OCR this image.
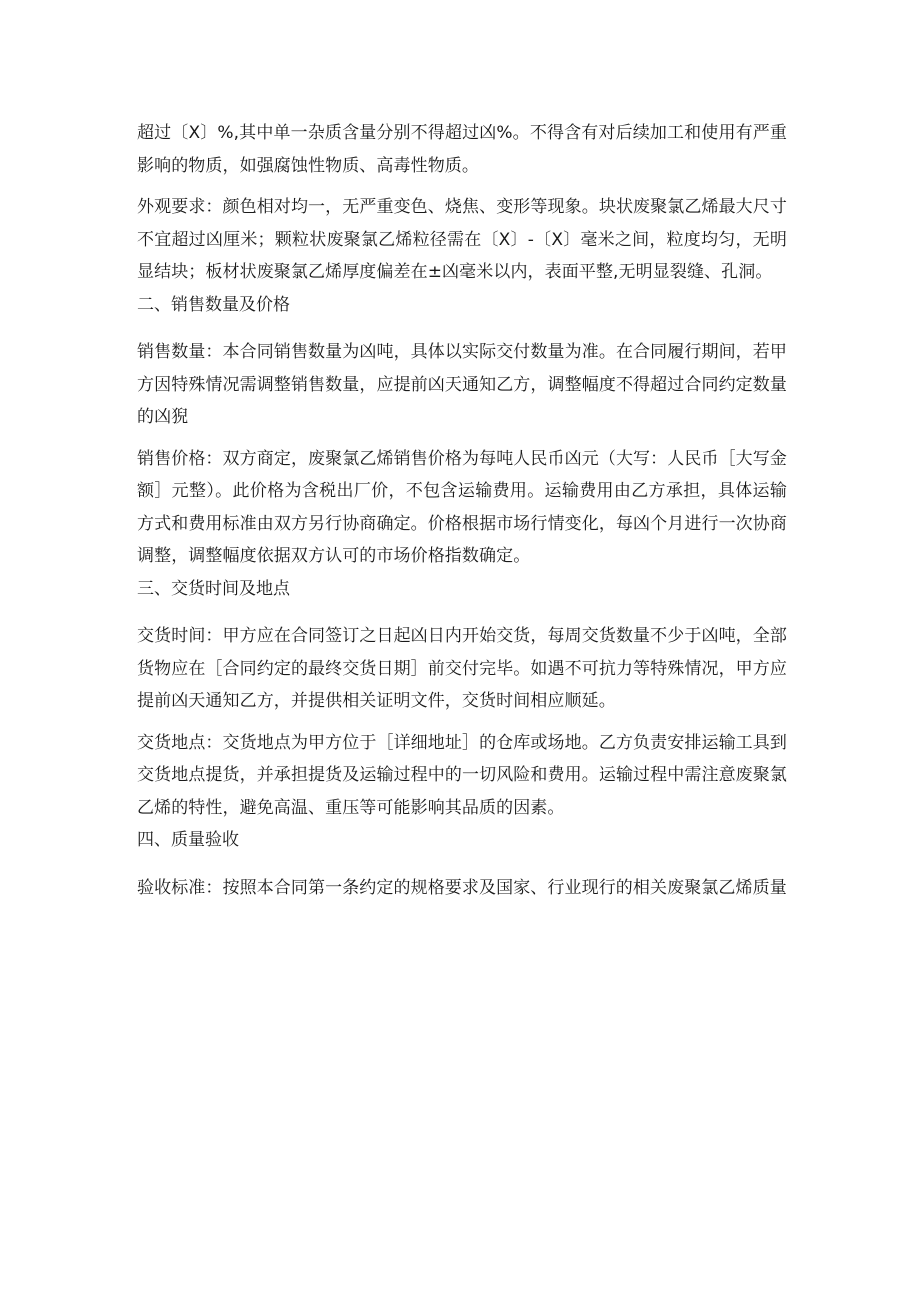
超过〔X〕%,其中单一杂质含量分别不得超过凶%。不得含有对后续加工和使用有严重影响的物质，如强腐蚀性物质、高毒性物质。

外观要求：颜色相对均一，无严重变色、烧焦、变形等现象。块状废聚氯乙烯最大尺寸不宜超过凶厘米；颗粒状废聚氯乙烯粒径需在〔X〕-〔X〕毫米之间，粒度均匀，无明显结块；板材状废聚氯乙烯厚度偏差在±凶毫米以内，表面平整,无明显裂缝、孔洞。

二、销售数量及价格

销售数量：本合同销售数量为凶吨，具体以实际交付数量为准。在合同履行期间，若甲方因特殊情况需调整销售数量，应提前凶天通知乙方，调整幅度不得超过合同约定数量的凶猊

销售价格：双方商定，废聚氯乙烯销售价格为每吨人民币凶元（大写：人民币［大写金额］元整）。此价格为含税出厂价，不包含运输费用。运输费用由乙方承担，具体运输方式和费用标准由双方另行协商确定。价格根据市场行情变化，每凶个月进行一次协商调整，调整幅度依据双方认可的市场价格指数确定。

三、交货时间及地点

交货时间：甲方应在合同签订之日起凶日内开始交货，每周交货数量不少于凶吨，全部货物应在［合同约定的最终交货日期］前交付完毕。如遇不可抗力等特殊情况，甲方应提前凶天通知乙方，并提供相关证明文件，交货时间相应顺延。

交货地点：交货地点为甲方位于［详细地址］的仓库或场地。乙方负责安排运输工具到交货地点提货，并承担提货及运输过程中的一切风险和费用。运输过程中需注意废聚氯乙烯的特性，避免高温、重压等可能影响其品质的因素。

四、质量验收

验收标准：按照本合同第一条约定的规格要求及国家、行业现行的相关废聚氯乙烯质量
